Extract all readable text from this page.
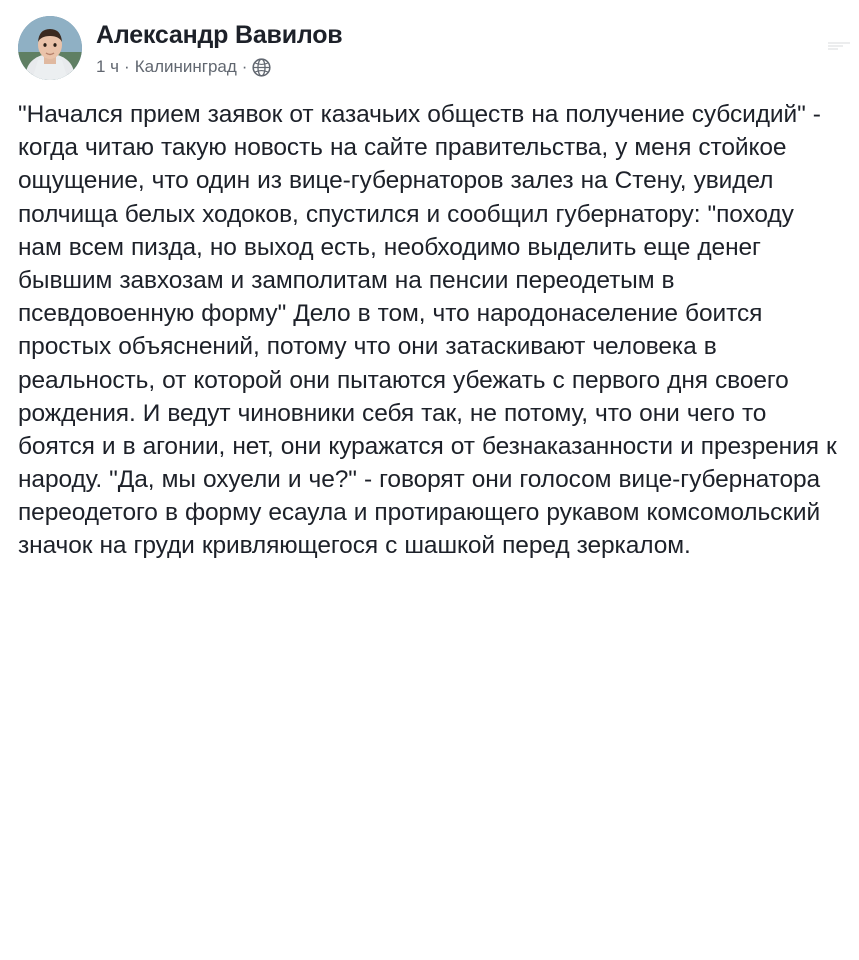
Александр Вавилов
1 ч · Калининград ·

"Начался прием заявок от казачьих обществ на получение субсидий" - когда читаю такую новость на сайте правительства, у меня стойкое ощущение, что один из вице-губернаторов залез на Стену, увидел полчища белых ходоков, спустился и сообщил губернатору: "походу нам всем пизда, но выход есть, необходимо выделить еще денег бывшим завхозам и замполитам на пенсии переодетым в псевдовоенную форму" Дело в том, что народонаселение боится простых объяснений, потому что они затаскивают человека в реальность, от которой они пытаются убежать с первого дня своего рождения. И ведут чиновники себя так, не потому, что они чего то боятся и в агонии, нет, они куражатся от безнаказанности и презрения к народу. "Да, мы охуели и че?" - говорят они голосом вице-губернатора переодетого в форму есаула и протирающего рукавом комсомольский значок на груди кривляющегося с шашкой перед зеркалом.
